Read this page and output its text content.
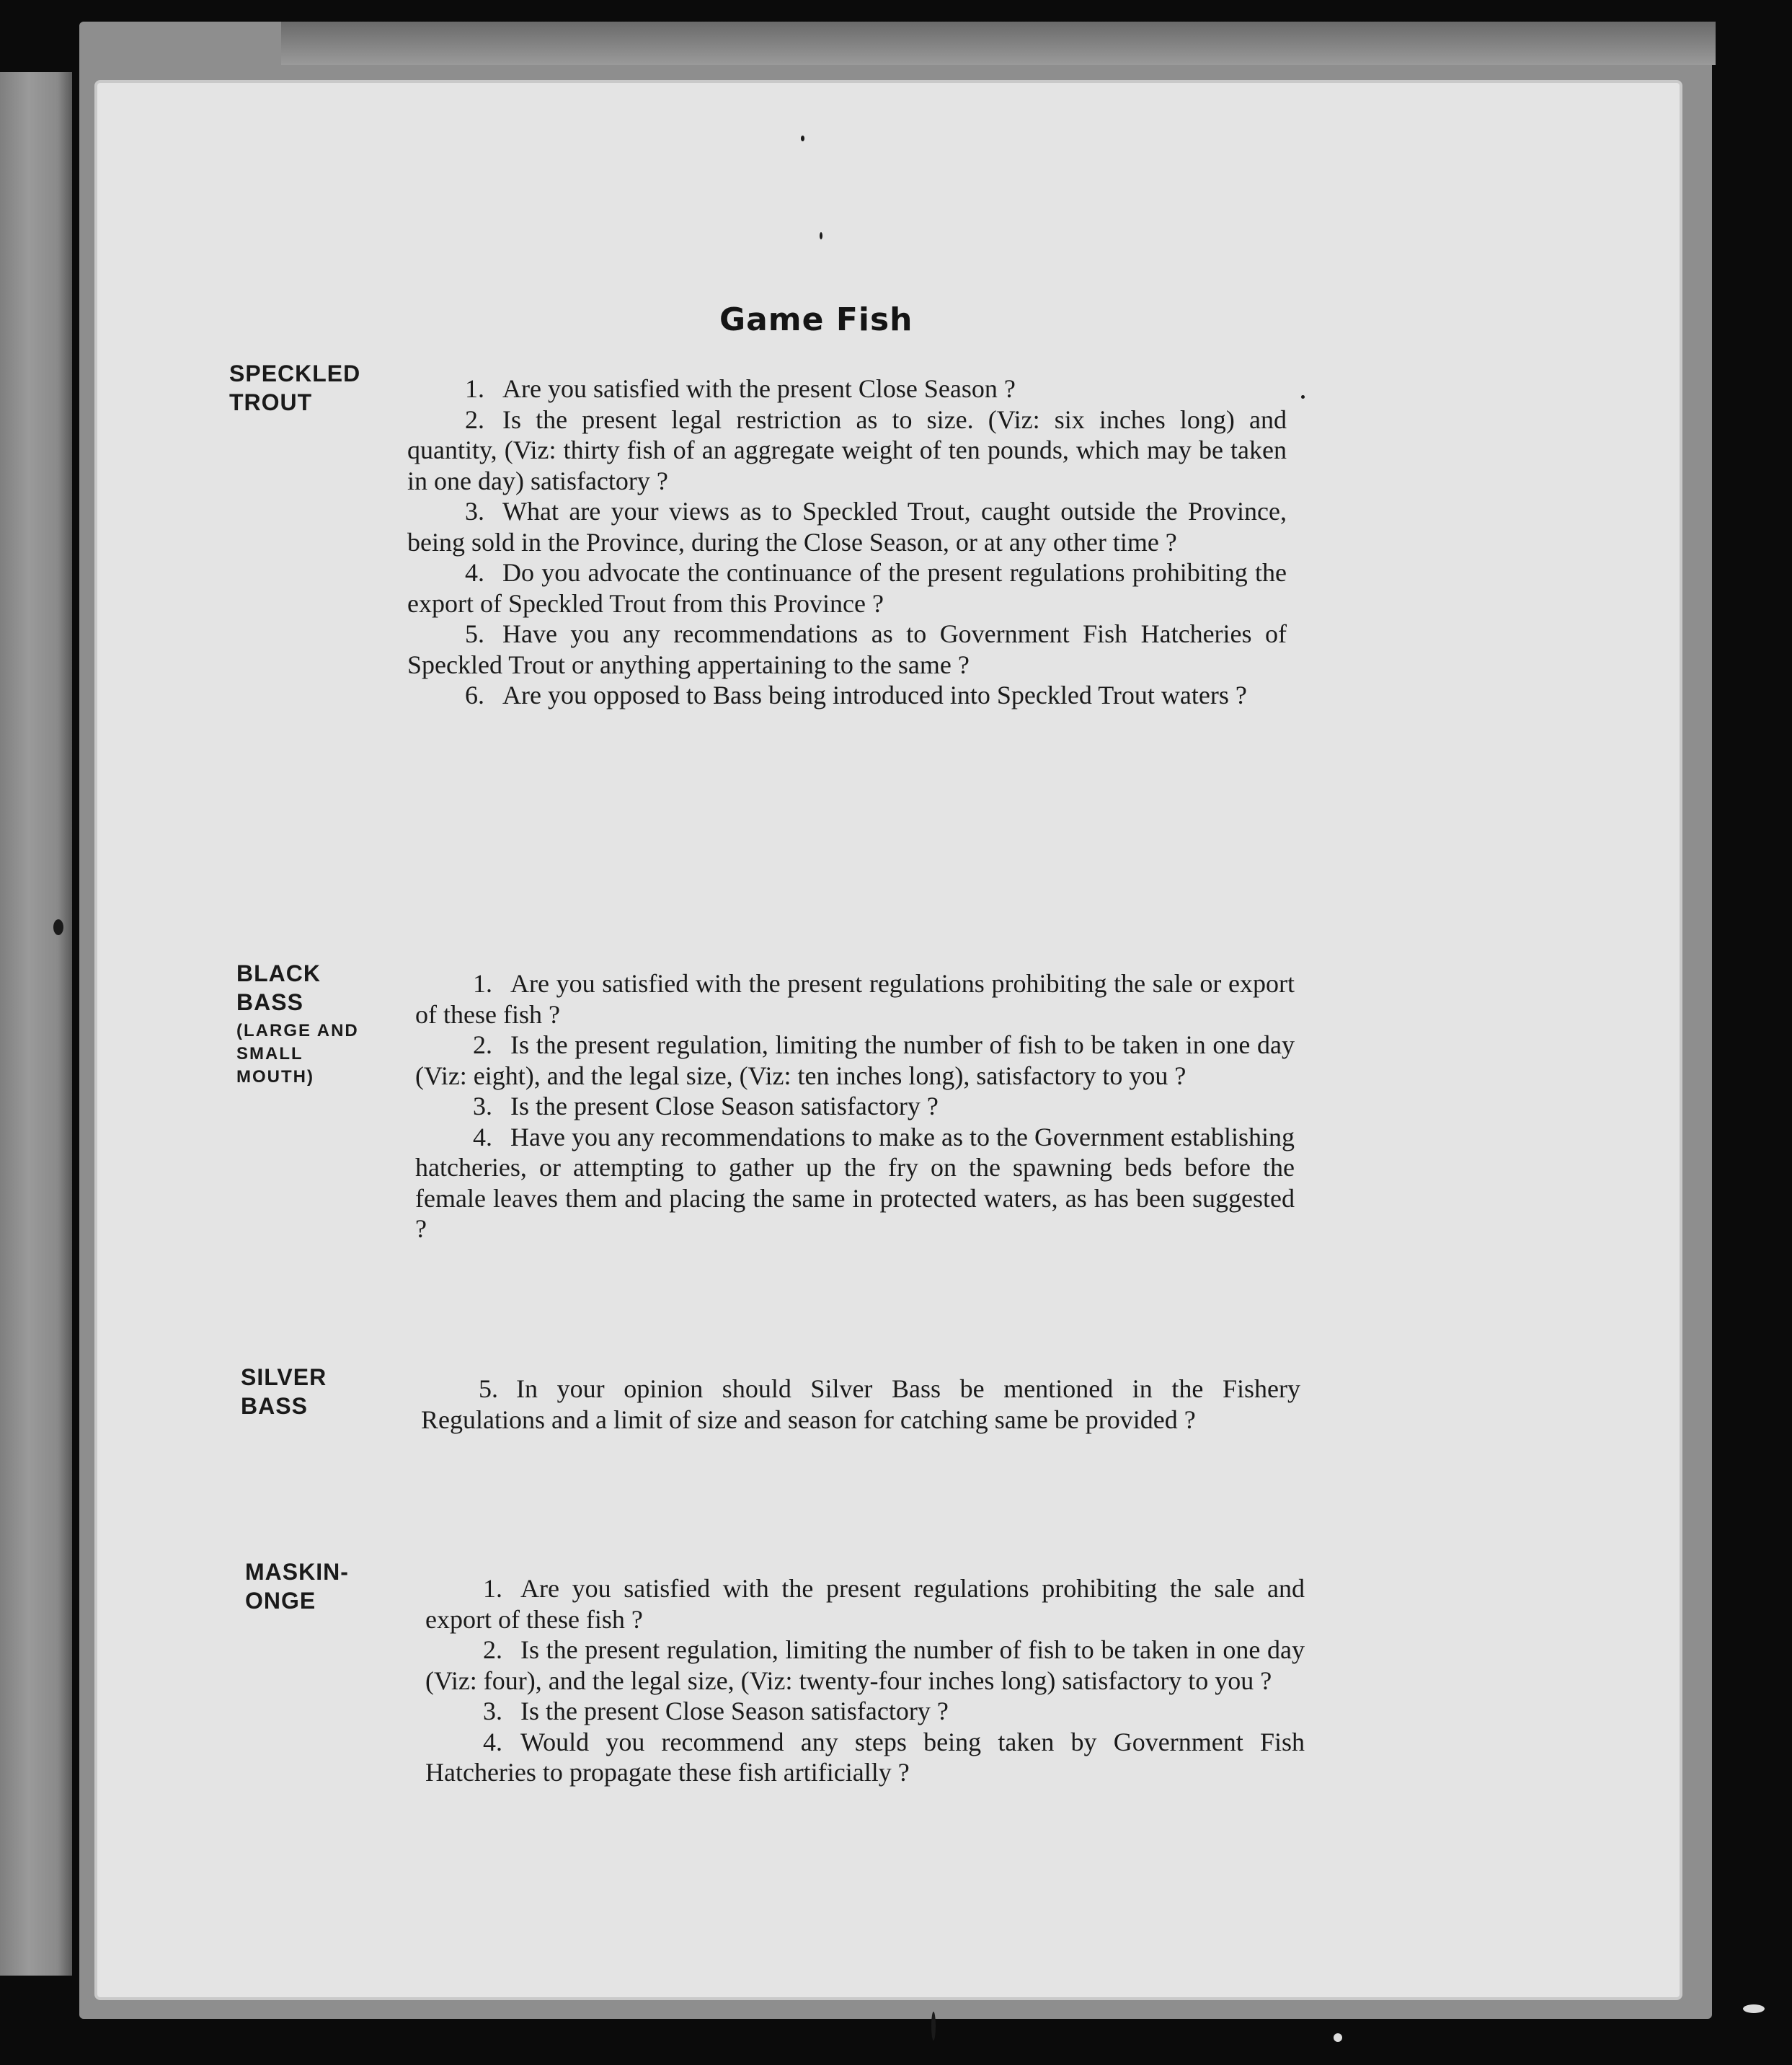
Game Fish
SPECKLED
TROUT	1. Are you satisfied with the present Close Season ?

2. Is the present legal restriction as to size. (Viz: six inches long) and quantity, (Viz: thirty fish of an aggregate weight of ten pounds, which may be taken in one day) satisfactory ?

3. What are your views as to Speckled Trout, caught outside the Province, being sold in the Province, during the Close Season, or at any other time ?

4. Do you advocate the continuance of the present regulations prohibiting the export of Speckled Trout from this Province ?

5. Have you any recommendations as to Government Fish Hatcheries of Speckled Trout or anything appertaining to the same ?

6. Are you opposed to Bass being introduced into Speckled Trout waters ?

BLACK
BASS
(LARGE AND
SMALL
MOUTH)

1. Are you satisfied with the present regulations prohibiting the sale or export of these fish ?

2. Is the present regulation, limiting the number of fish to be taken in one day (Viz: eight), and the legal size, (Viz: ten inches long), satisfactory to you ?

3. Is the present Close Season satisfactory ?

4. Have you any recommendations to make as to the Government establishing hatcheries, or attempting to gather up the fry on the spawning beds before the female leaves them and placing the same in protected waters, as has been suggested ?

SILVER
BASS

5. In your opinion should Silver Bass be mentioned in the Fishery Regulations and a limit of size and season for catching same be provided ?

MASKIN-
ONGE	1. Are you satisfied with the present regulations prohibiting the sale and export of these fish ?

2. Is the present regulation, limiting the number of fish to be taken in one day (Viz: four), and the legal size, (Viz: twenty-four inches long) satisfactory to you ?

3. Is the present Close Season satisfactory ?

4. Would you recommend any steps being taken by Government Fish Hatcheries to propagate these fish artificially ?
